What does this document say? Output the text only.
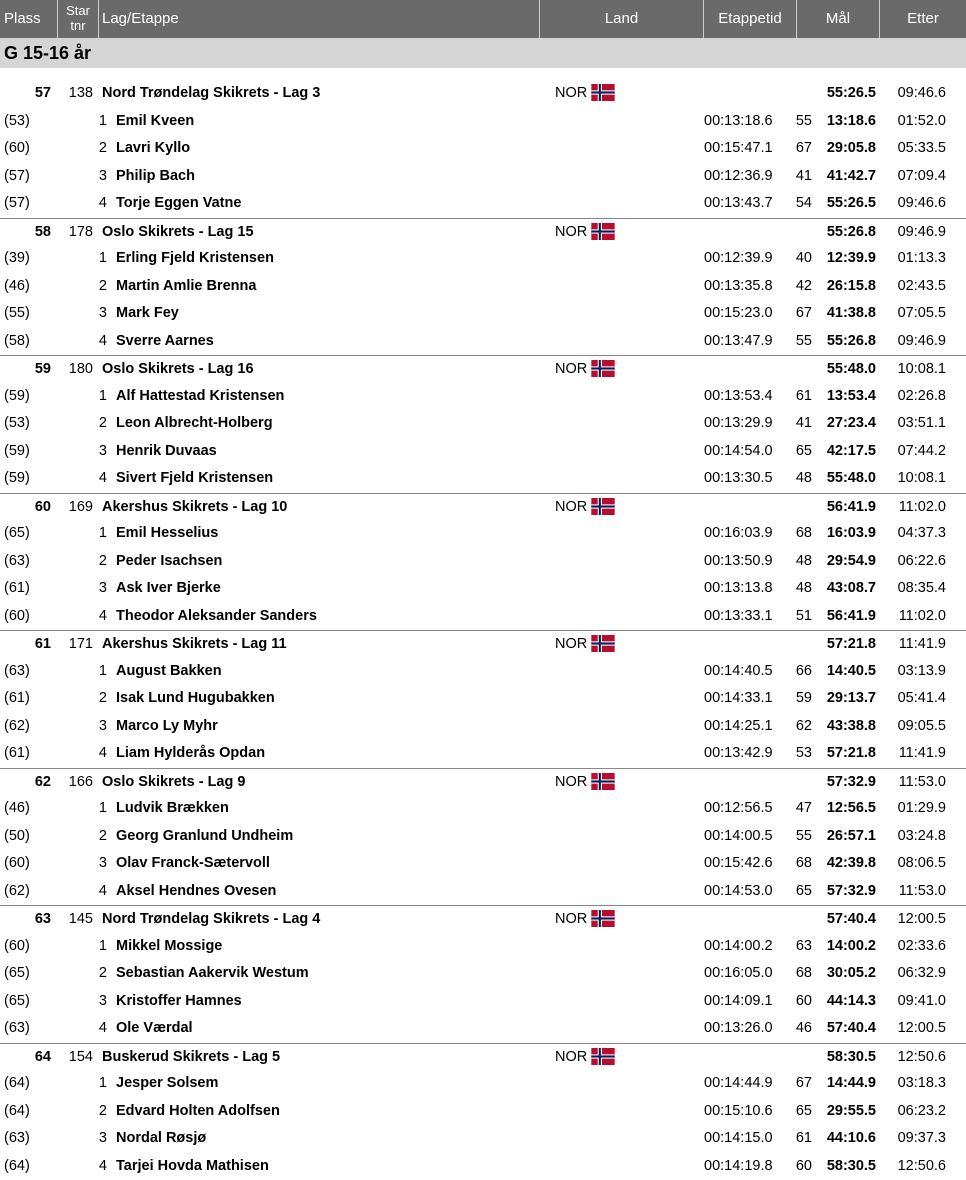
Plass	Star
tnr	Lag/Etappe	Land	Etappetid	Mål	Etter
G 15-16 år
57	138 Nord Trøndelag Skikrets - Lag 3	NOR	55:26.5	09:46.6
(53)	1 Emil Kveen	00:13:18.6 55	13:18.6	01:52.0
(60)	2 Lavri Kyllo	00:15:47.1 67	29:05.8	05:33.5
(57)	3 Philip Bach	00:12:36.9 41	41:42.7	07:09.4
(57)	4 Torje Eggen Vatne	00:13:43.7 54	55:26.5	09:46.6
58	178 Oslo Skikrets - Lag 15	NOR	55:26.8	09:46.9
(39)	1 Erling Fjeld Kristensen	00:12:39.9 40	12:39.9	01:13.3
(46)	2 Martin Amlie Brenna	00:13:35.8 42	26:15.8	02:43.5
(55)	3 Mark Fey	00:15:23.0 67	41:38.8	07:05.5
(58)	4 Sverre Aarnes	00:13:47.9 55	55:26.8	09:46.9
59	180 Oslo Skikrets - Lag 16	NOR	55:48.0	10:08.1
(59)	1 Alf Hattestad Kristensen	00:13:53.4 61	13:53.4	02:26.8
(53)	2 Leon Albrecht-Holberg	00:13:29.9 41	27:23.4	03:51.1
(59)	3 Henrik Duvaas	00:14:54.0 65	42:17.5	07:44.2
(59)	4 Sivert Fjeld Kristensen	00:13:30.5 48	55:48.0	10:08.1
60	169 Akershus Skikrets - Lag 10	NOR	56:41.9	11:02.0
(65)	1 Emil Hesselius	00:16:03.9 68	16:03.9	04:37.3
(63)	2 Peder Isachsen	00:13:50.9 48	29:54.9	06:22.6
(61)	3 Ask Iver Bjerke	00:13:13.8 48	43:08.7	08:35.4
(60)	4 Theodor Aleksander Sanders	00:13:33.1 51	56:41.9	11:02.0
61	171 Akershus Skikrets - Lag 11	NOR	57:21.8	11:41.9
(63)	1 August Bakken	00:14:40.5 66	14:40.5	03:13.9
(61)	2 Isak Lund Hugubakken	00:14:33.1 59	29:13.7	05:41.4
(62)	3 Marco Ly Myhr	00:14:25.1 62	43:38.8	09:05.5
(61)	4 Liam Hylderås Opdan	00:13:42.9 53	57:21.8	11:41.9
62	166 Oslo Skikrets - Lag 9	NOR	57:32.9	11:53.0
(46)	1 Ludvik Brækken	00:12:56.5 47	12:56.5	01:29.9
(50)	2 Georg Granlund Undheim	00:14:00.5 55	26:57.1	03:24.8
(60)	3 Olav Franck-Sætervoll	00:15:42.6 68	42:39.8	08:06.5
(62)	4 Aksel Hendnes Ovesen	00:14:53.0 65	57:32.9	11:53.0
63	145 Nord Trøndelag Skikrets - Lag 4	NOR	57:40.4	12:00.5
(60)	1 Mikkel Mossige	00:14:00.2 63	14:00.2	02:33.6
(65)	2 Sebastian Aakervik Westum	00:16:05.0 68	30:05.2	06:32.9
(65)	3 Kristoffer Hamnes	00:14:09.1 60	44:14.3	09:41.0
(63)	4 Ole Værdal	00:13:26.0 46	57:40.4	12:00.5
64	154 Buskerud Skikrets - Lag 5	NOR	58:30.5	12:50.6
(64)	1 Jesper Solsem	00:14:44.9 67	14:44.9	03:18.3
(64)	2 Edvard Holten Adolfsen	00:15:10.6 65	29:55.5	06:23.2
(63)	3 Nordal Røsjø	00:14:15.0 61	44:10.6	09:37.3
(64)	4 Tarjei Hovda Mathisen	00:14:19.8 60	58:30.5	12:50.6
